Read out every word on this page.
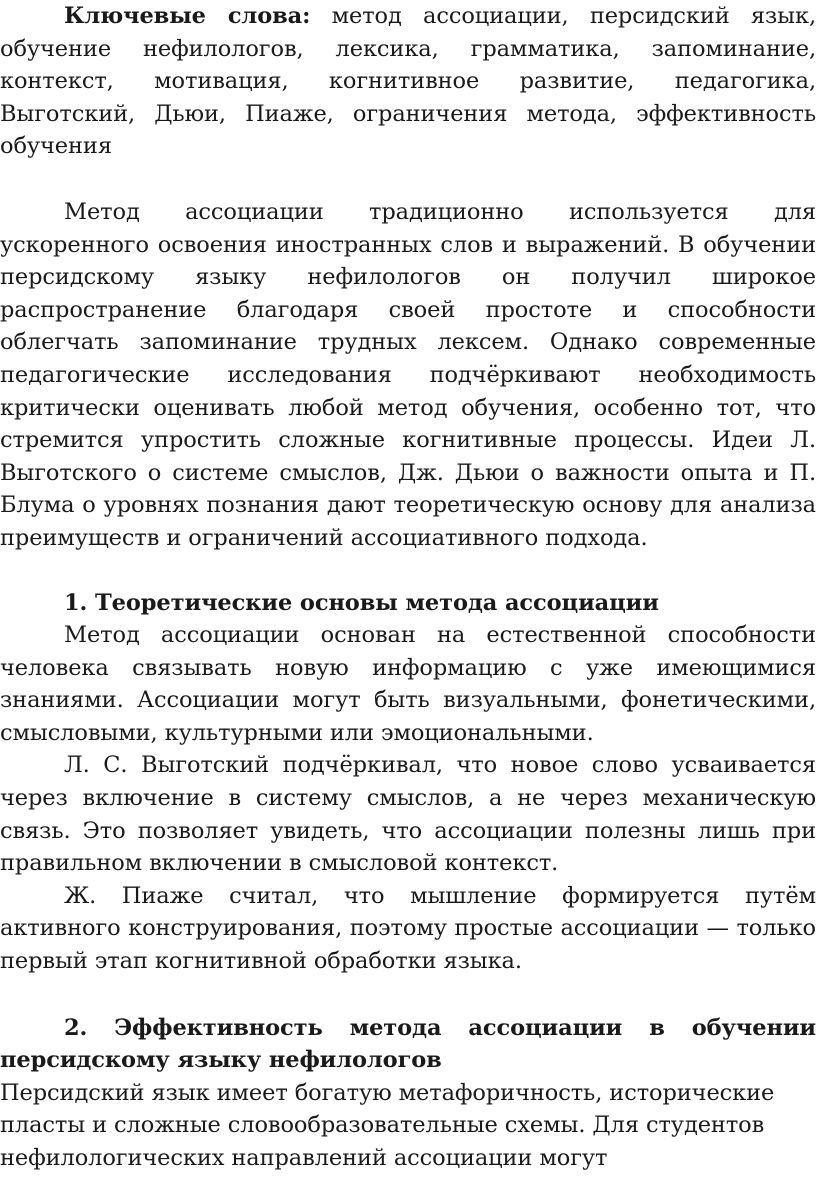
Ключевые слова: метод ассоциации, персидский язык, обучение нефилологов, лексика, грамматика, запоминание, контекст, мотивация, когнитивное развитие, педагогика, Выготский, Дьюи, Пиаже, ограничения метода, эффективность обучения

Метод ассоциации традиционно используется для ускоренного освоения иностранных слов и выражений. В обучении персидскому языку нефилологов он получил широкое распространение благодаря своей простоте и способности облегчать запоминание трудных лексем. Однако современные педагогические исследования подчёркивают необходимость критически оценивать любой метод обучения, особенно тот, что стремится упростить сложные когнитивные процессы. Идеи Л. Выготского о системе смыслов, Дж. Дьюи о важности опыта и П. Блума о уровнях познания дают теоретическую основу для анализа преимуществ и ограничений ассоциативного подхода.

1. Теоретические основы метода ассоциации

Метод ассоциации основан на естественной способности человека связывать новую информацию с уже имеющимися знаниями. Ассоциации могут быть визуальными, фонетическими, смысловыми, культурными или эмоциональными.

Л. С. Выготский подчёркивал, что новое слово усваивается через включение в систему смыслов, а не через механическую связь. Это позволяет увидеть, что ассоциации полезны лишь при правильном включении в смысловой контекст.

Ж. Пиаже считал, что мышление формируется путём активного конструирования, поэтому простые ассоциации — только первый этап когнитивной обработки языка.

2. Эффективность метода ассоциации в обучении персидскому языку нефилологов

Персидский язык имеет богатую метафоричность, исторические пласты и сложные словообразовательные схемы. Для студентов нефилологических направлений ассоциации могут
